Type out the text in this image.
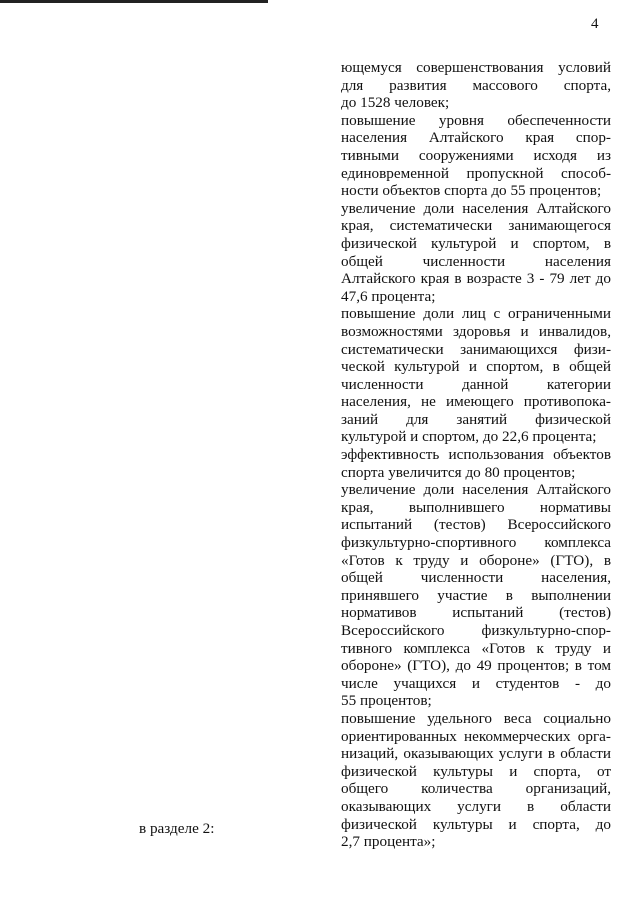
4
ющемуся совершенствования условий
для развития массового спорта,
до 1528 человек;
повышение уровня обеспеченности
населения Алтайского края спор-
тивными сооружениями исходя из
единовременной пропускной способ-
ности объектов спорта до 55 процентов;
увеличение доли населения Алтайского
края, систематически занимающегося
физической культурой и спортом, в
общей численности населения
Алтайского края в возрасте 3 - 79 лет до
47,6 процента;
повышение доли лиц с ограниченными
возможностями здоровья и инвалидов,
систематически занимающихся физи-
ческой культурой и спортом, в общей
численности данной категории
населения, не имеющего противопока-
заний для занятий физической
культурой и спортом, до 22,6 процента;
эффективность использования объектов
спорта увеличится до 80 процентов;
увеличение доли населения Алтайского
края, выполнившего нормативы
испытаний (тестов) Всероссийского
физкультурно-спортивного комплекса
«Готов к труду и обороне» (ГТО), в
общей численности населения,
принявшего участие в выполнении
нормативов испытаний (тестов)
Всероссийского физкультурно-спор-
тивного комплекса «Готов к труду и
обороне» (ГТО), до 49 процентов; в том
числе учащихся и студентов - до
55 процентов;
повышение удельного веса социально
ориентированных некоммерческих орга-
низаций, оказывающих услуги в области
физической культуры и спорта, от
общего количества организаций,
оказывающих услуги в области
физической культуры и спорта, до
2,7 процента»;
в разделе 2:
